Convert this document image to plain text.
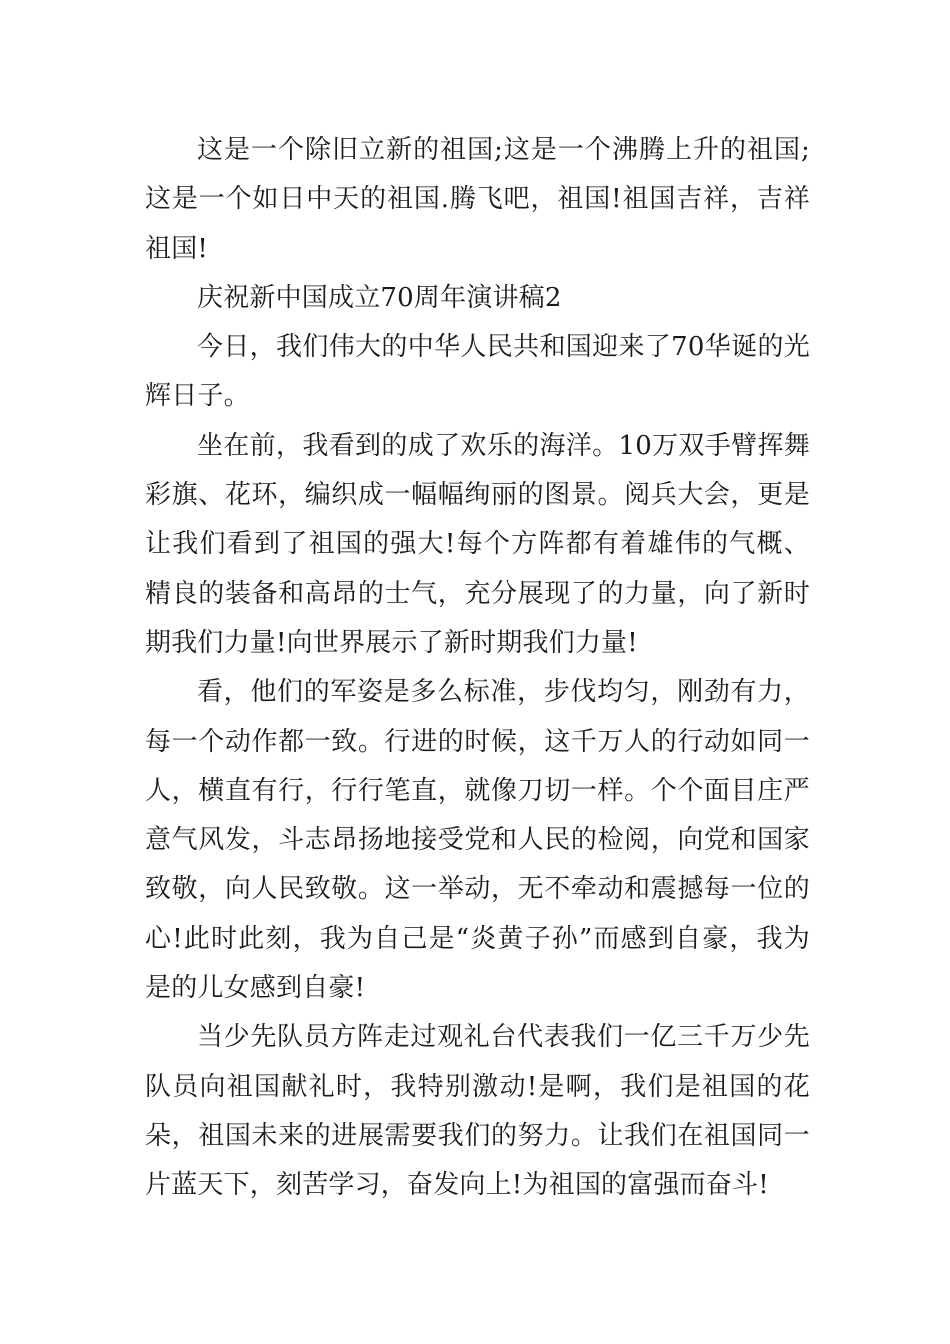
这是一个除旧立新的祖国;这是一个沸腾上升的祖国;这是一个如日中天的祖国.腾飞吧，祖国!祖国吉祥，吉祥祖国!

庆祝新中国成立70周年演讲稿2

今日，我们伟大的中华人民共和国迎来了70华诞的光辉日子。

坐在前，我看到的成了欢乐的海洋。10万双手臂挥舞彩旗、花环，编织成一幅幅绚丽的图景。阅兵大会，更是让我们看到了祖国的强大!每个方阵都有着雄伟的气概、精良的装备和高昂的士气，充分展现了的力量，向了新时期我们力量!向世界展示了新时期我们力量!

看，他们的军姿是多么标准，步伐均匀，刚劲有力，每一个动作都一致。行进的时候，这千万人的行动如同一人，横直有行，行行笔直，就像刀切一样。个个面目庄严意气风发，斗志昂扬地接受党和人民的检阅，向党和国家致敬，向人民致敬。这一举动，无不牵动和震撼每一位的心!此时此刻，我为自己是“炎黄子孙”而感到自豪，我为是的儿女感到自豪!

当少先队员方阵走过观礼台代表我们一亿三千万少先队员向祖国献礼时，我特别激动!是啊，我们是祖国的花朵，祖国未来的进展需要我们的努力。让我们在祖国同一片蓝天下，刻苦学习，奋发向上!为祖国的富强而奋斗!
